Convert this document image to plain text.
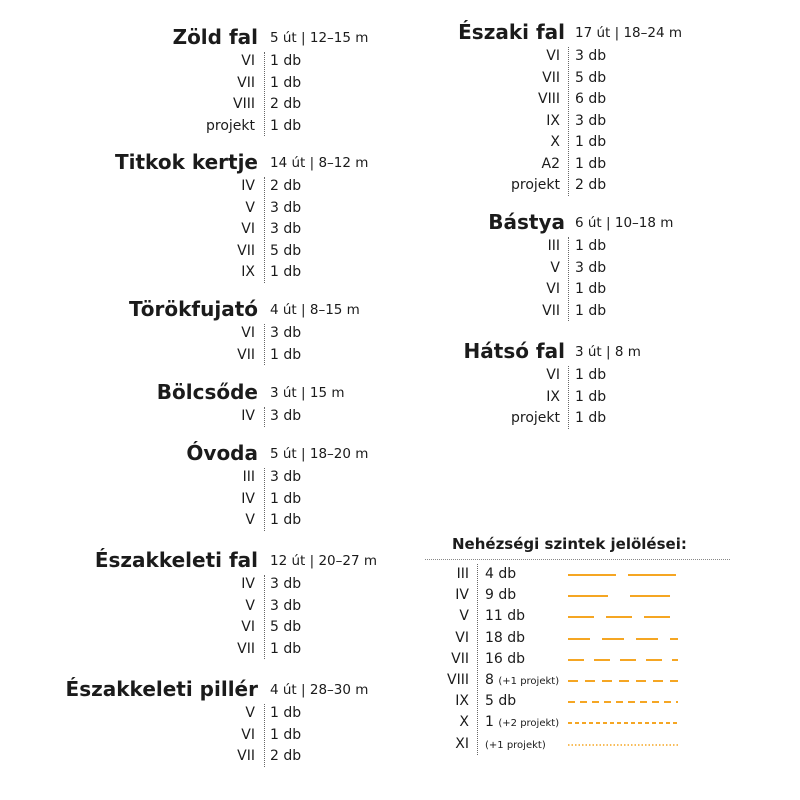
Zöld fal 5 út | 12–15 m
VI 1 db
VII 1 db
VIII 2 db
projekt 1 db
Titkok kertje 14 út | 8–12 m
IV 2 db
V 3 db
VI 3 db
VII 5 db
IX 1 db
Törökfujató 4 út | 8–15 m
VI 3 db
VII 1 db
Bölcsőde 3 út | 15 m
IV 3 db
Óvoda 5 út | 18–20 m
III 3 db
IV 1 db
V 1 db
Északkeleti fal 12 út | 20–27 m
IV 3 db
V 3 db
VI 5 db
VII 1 db
Északkeleti pillér 4 út | 28–30 m
V 1 db
VI 1 db
VII 2 db
Északi fal 17 út | 18–24 m
VI 3 db
VII 5 db
VIII 6 db
IX 3 db
X 1 db
A2 1 db
projekt 2 db
Bástya 6 út | 10–18 m
III 1 db
V 3 db
VI 1 db
VII 1 db
Hátsó fal 3 út | 8 m
VI 1 db
IX 1 db
projekt 1 db
Nehézségi szintek jelölései:
III 4 db
IV 9 db
V 11 db
VI 18 db
VII 16 db
VIII 8 (+1 projekt)
IX 5 db
X 1 (+2 projekt)
XI (+1 projekt)
